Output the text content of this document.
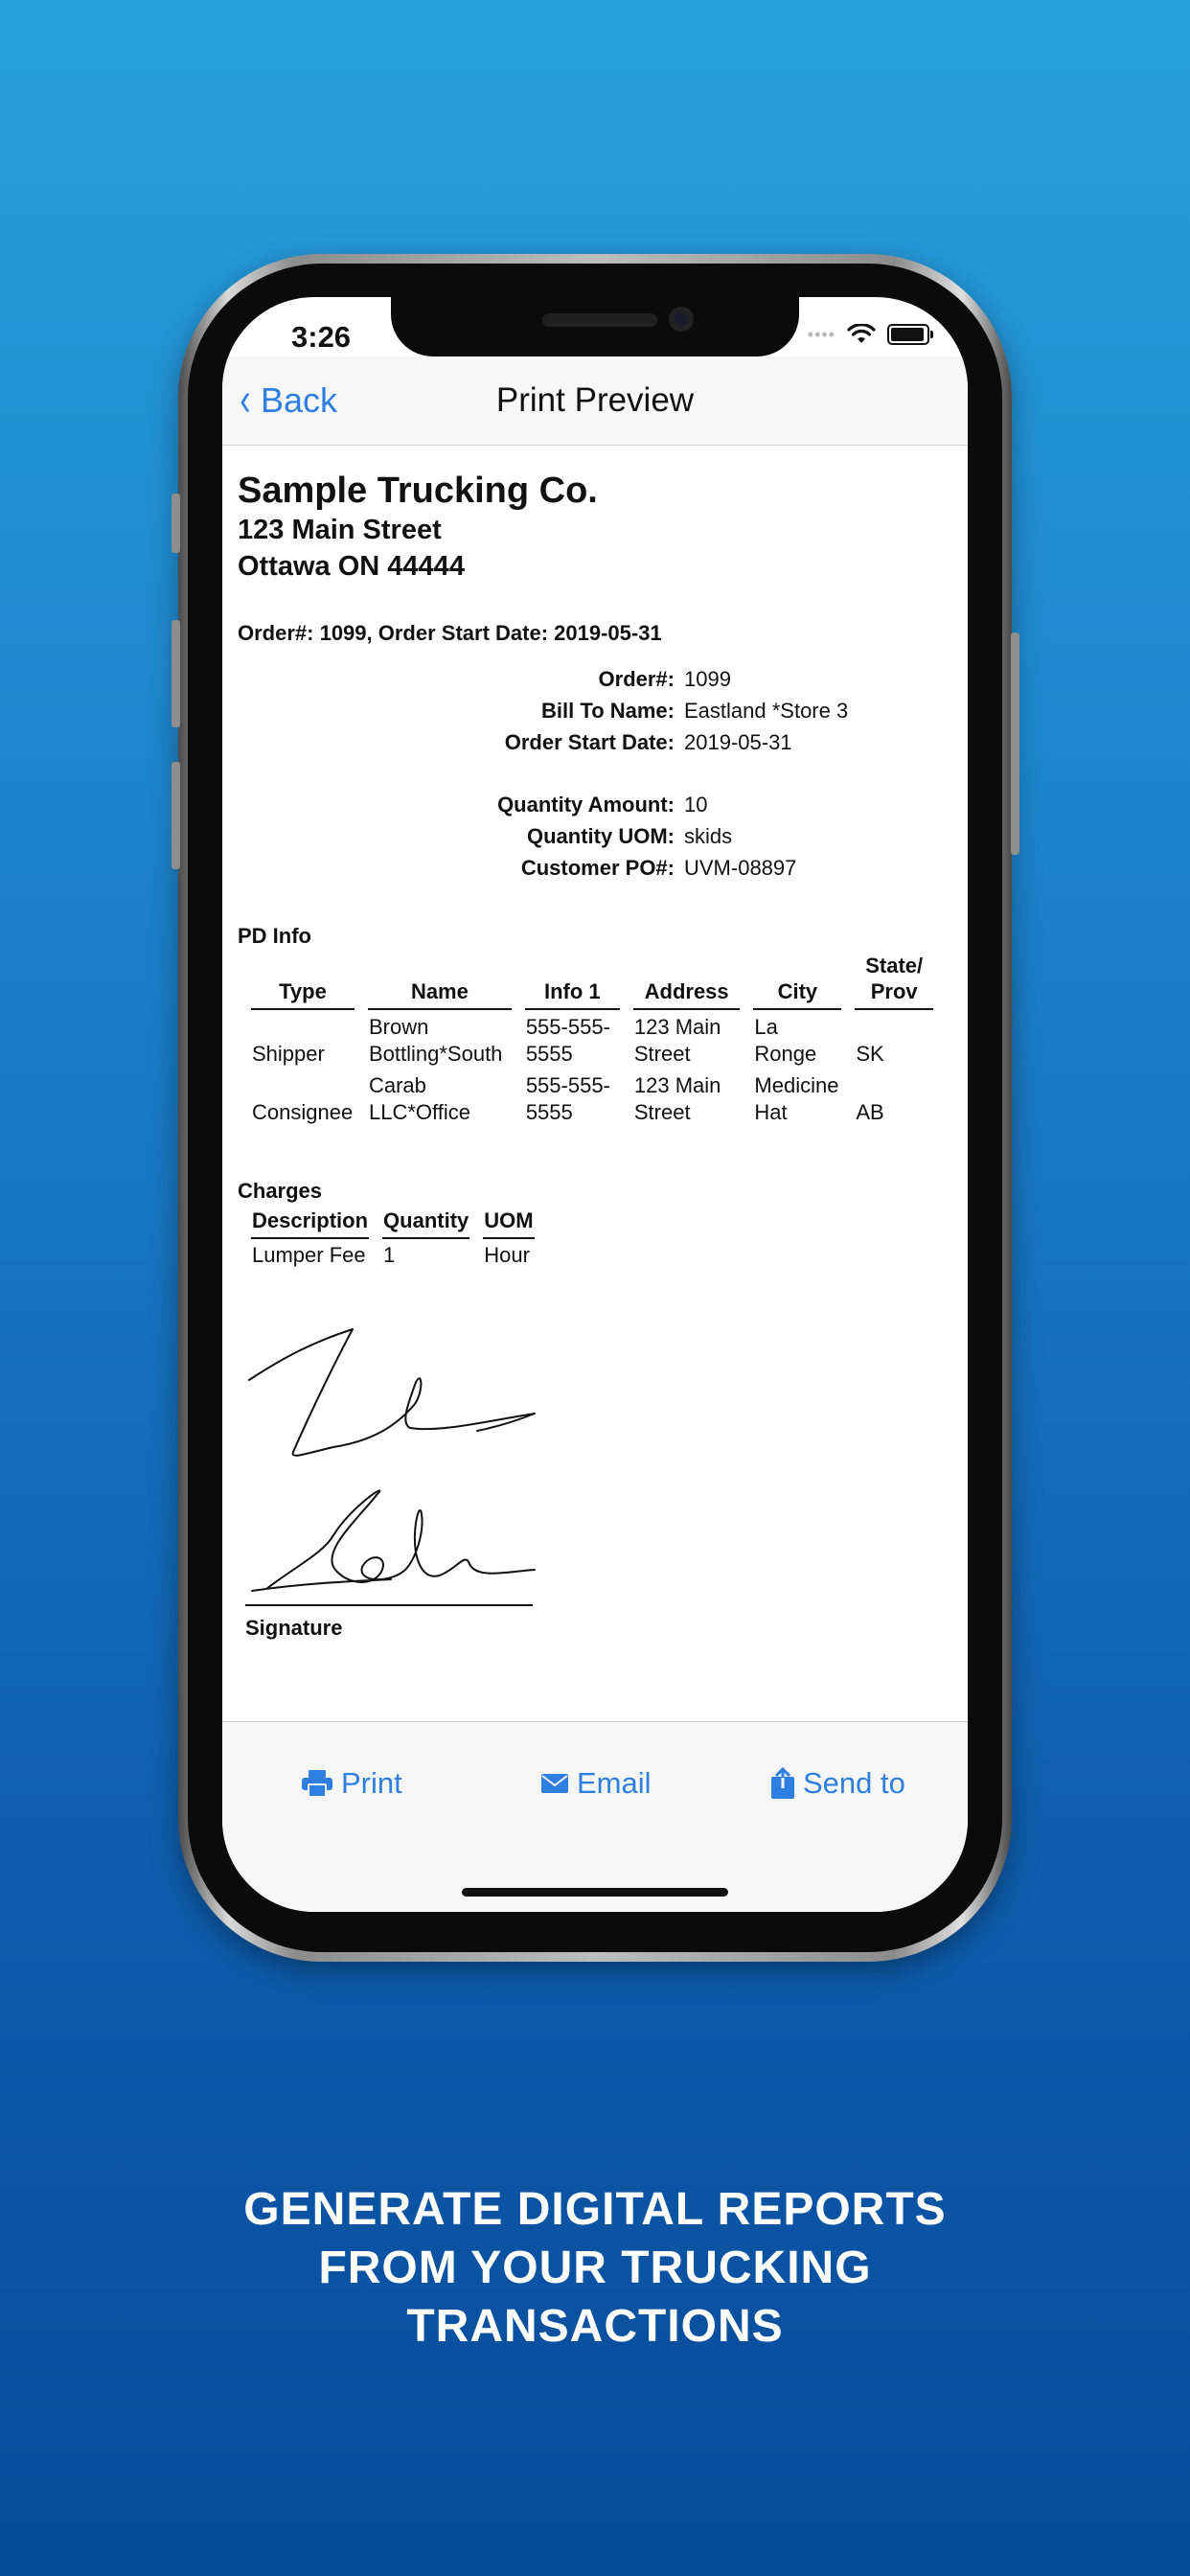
3:26	••••
‹ Back	Print Preview
Sample Trucking Co.
123 Main Street
Ottawa ON 44444
Order#: 1099, Order Start Date: 2019-05-31
Order#: 1099
Bill To Name: Eastland *Store 3
Order Start Date: 2019-05-31
Quantity Amount: 10
Quantity UOM: skids
Customer PO#: UVM-08897
PD Info
Type	Name	Info 1	Address	City	State/ Prov
Shipper	Brown Bottling*South	555-555-5555	123 Main Street	La Ronge	SK
Consignee	Carab LLC*Office	555-555-5555	123 Main Street	Medicine Hat	AB
Charges
Description	Quantity	UOM
Lumper Fee	1	Hour
Signature
Print	Email	Send to
GENERATE DIGITAL REPORTS
FROM YOUR TRUCKING
TRANSACTIONS
